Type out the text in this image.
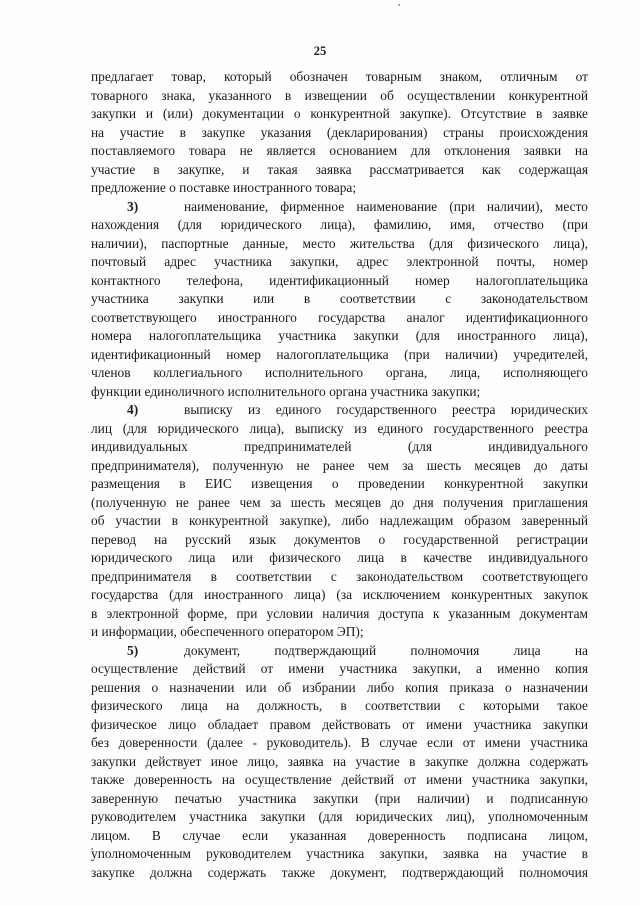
25
предлагает товар, который обозначен товарным знаком, отличным от
товарного знака, указанного в извещении об осуществлении конкурентной
закупки и (или) документации о конкурентной закупке). Отсутствие в заявке
на участие в закупке указания (декларирования) страны происхождения
поставляемого товара не является основанием для отклонения заявки на
участие в закупке, и такая заявка рассматривается как содержащая
предложение о поставке иностранного товара;
3)	наименование, фирменное наименование (при наличии), место
нахождения (для юридического лица), фамилию, имя, отчество (при
наличии), паспортные данные, место жительства (для физического лица),
почтовый адрес участника закупки, адрес электронной почты, номер
контактного телефона, идентификационный номер налогоплательщика
участника закупки или в соответствии с законодательством
соответствующего иностранного государства аналог идентификационного
номера налогоплательщика участника закупки (для иностранного лица),
идентификационный номер налогоплательщика (при наличии) учредителей,
членов коллегиального исполнительного органа, лица, исполняющего
функции единоличного исполнительного органа участника закупки;
4)	выписку из единого государственного реестра юридических
лиц (для юридического лица), выписку из единого государственного реестра
индивидуальных предпринимателей (для индивидуального
предпринимателя), полученную не ранее чем за шесть месяцев до даты
размещения в ЕИС извещения о проведении конкурентной закупки
(полученную не ранее чем за шесть месяцев до дня получения приглашения
об участии в конкурентной закупке), либо надлежащим образом заверенный
перевод на русский язык документов о государственной регистрации
юридического лица или физического лица в качестве индивидуального
предпринимателя в соответствии с законодательством соответствующего
государства (для иностранного лица) (за исключением конкурентных закупок
в электронной форме, при условии наличия доступа к указанным документам
и информации, обеспеченного оператором ЭП);
5)	документ, подтверждающий полномочия лица на
осуществление действий от имени участника закупки, а именно копия
решения о назначении или об избрании либо копия приказа о назначении
физического лица на должность, в соответствии с которыми такое
физическое лицо обладает правом действовать от имени участника закупки
без доверенности (далее - руководитель). В случае если от имени участника
закупки действует иное лицо, заявка на участие в закупке должна содержать
также доверенность на осуществление действий от имени участника закупки,
заверенную печатью участника закупки (при наличии) и подписанную
руководителем участника закупки (для юридических лиц), уполномоченным
лицом. В случае если указанная доверенность подписана лицом,
уполномоченным руководителем участника закупки, заявка на участие в
закупке должна содержать также документ, подтверждающий полномочия
